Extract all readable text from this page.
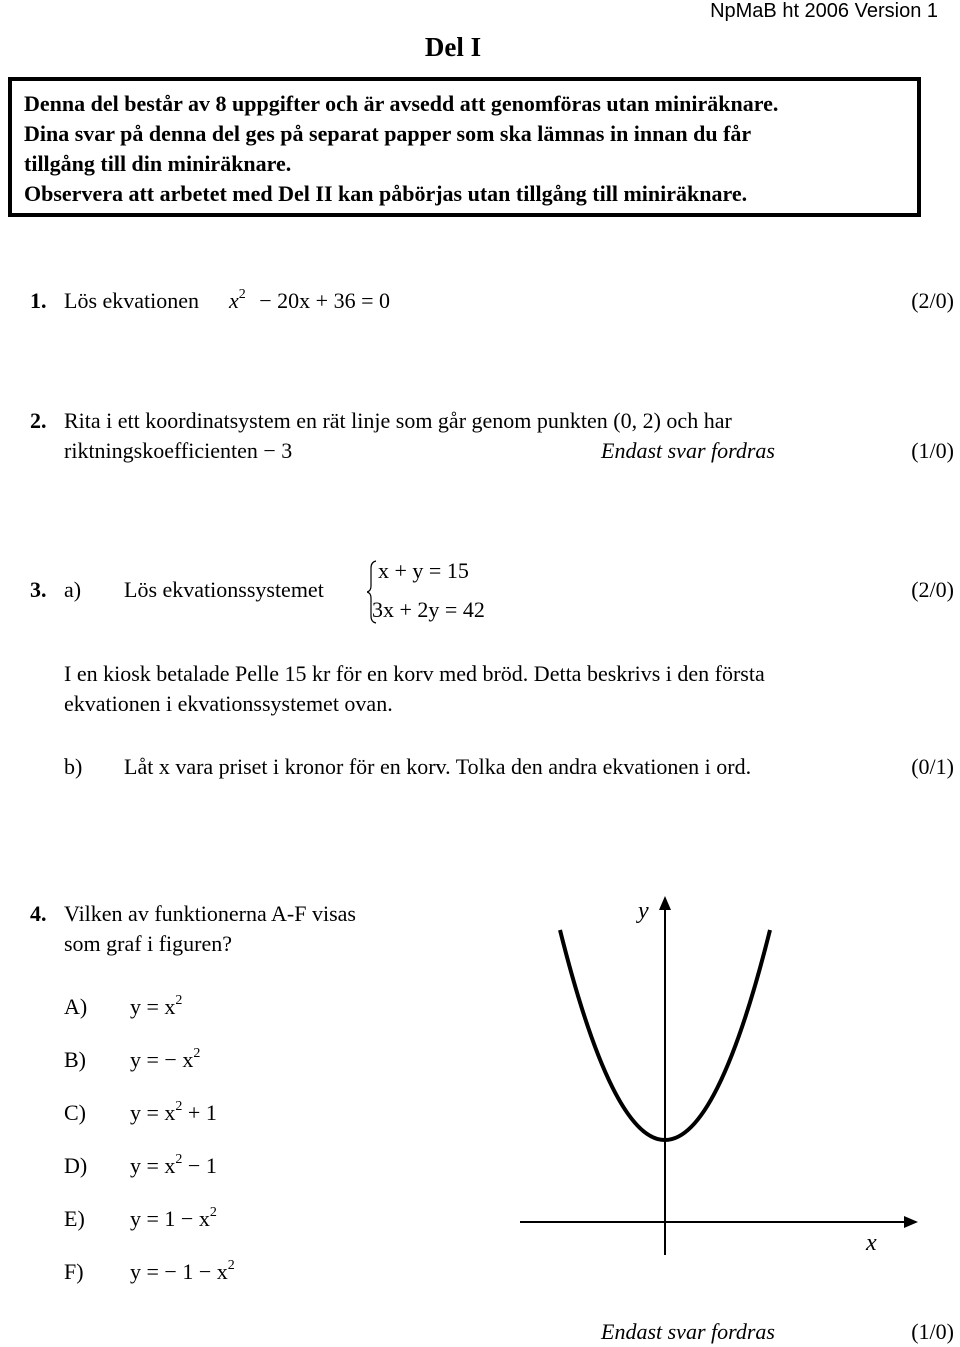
NpMaB ht 2006 Version 1
Del I
Denna del består av 8 uppgifter och är avsedd att genomföras utan miniräknare.
Dina svar på denna del ges på separat papper som ska lämnas in innan du får
tillgång till din miniräknare.
Observera att arbetet med Del II kan påbörjas utan tillgång till miniräknare.
1. Lös ekvationen $x^2 - 20x + 36 = 0$	(2/0)
2. Rita i ett koordinatsystem en rät linje som går genom punkten (0, 2) och har
riktningskoefficienten − 3	Endast svar fordras	(1/0)
3. a) Lös ekvationssystemet
x + y = 15
3x + 2y = 42
(2/0)
I en kiosk betalade Pelle 15 kr för en korv med bröd. Detta beskrivs i den första
ekvationen i ekvationssystemet ovan.
b) Låt x vara priset i kronor för en korv. Tolka den andra ekvationen i ord.	(0/1)
4. Vilken av funktionerna A-F visas
som graf i figuren?
A) $y = x^2$
B) y = − $x^2$
C) $y = x^2 + 1$
D) $y = x^2 - 1$
E) $y = 1 - x^2$
F) y = − $1 - x^2$
y
x
Endast svar fordras	(1/0)
